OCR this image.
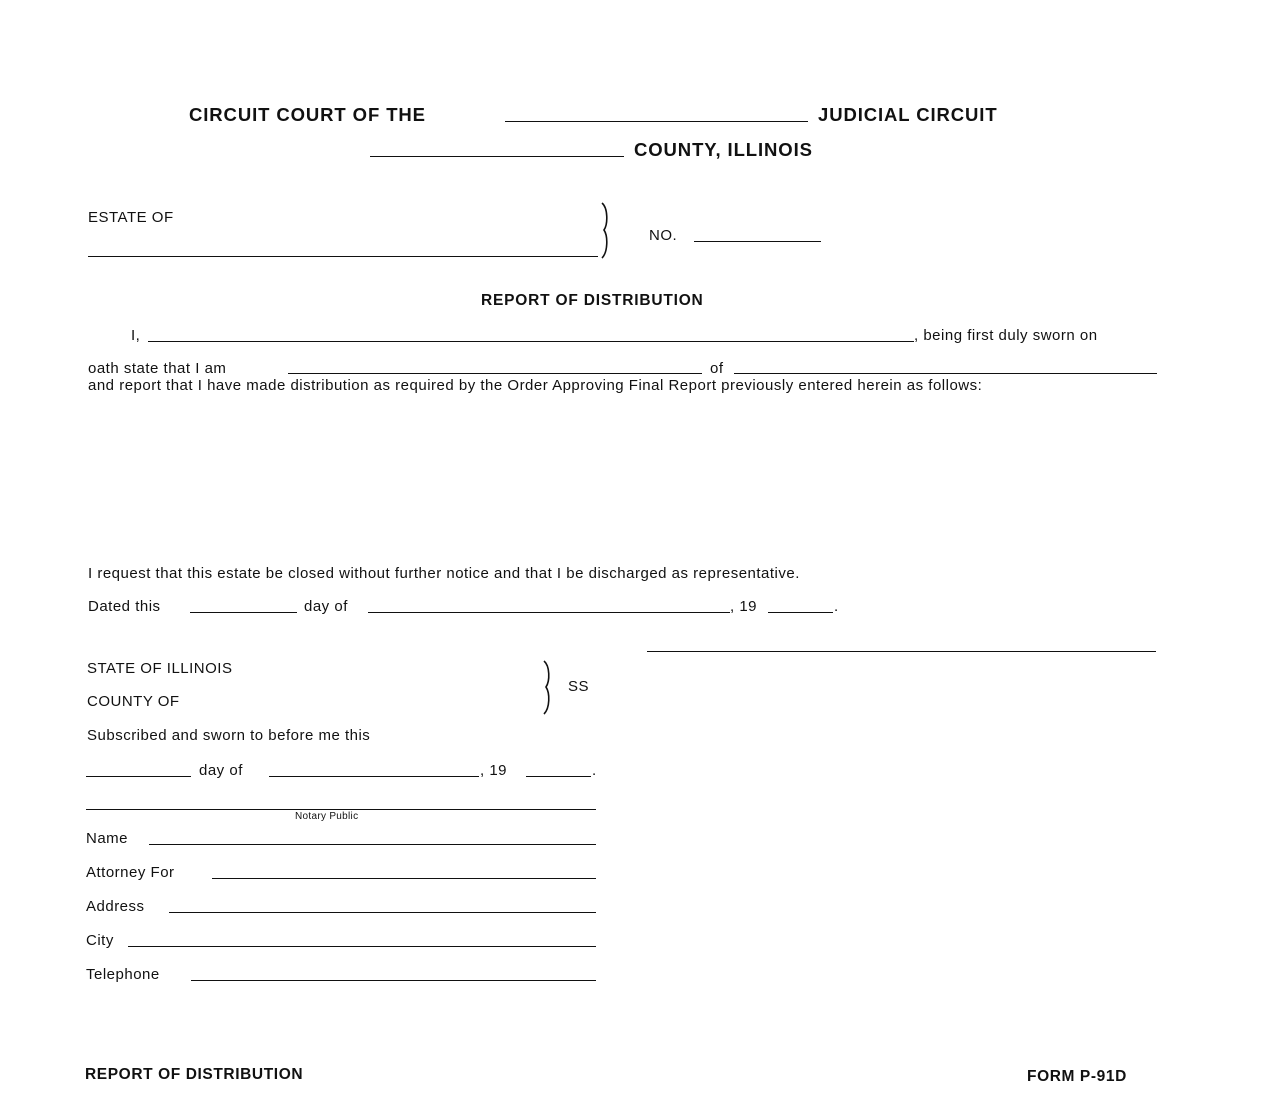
CIRCUIT COURT OF THE	JUDICIAL CIRCUIT
COUNTY, ILLINOIS
ESTATE OF
NO.
REPORT OF DISTRIBUTION
I,	, being first duly sworn on
oath state that I am	of
and report that I have made distribution as required by the Order Approving Final Report previously entered herein as follows:
I request that this estate be closed without further notice and that I be discharged as representative.
Dated this	day of	, 19	.
STATE OF ILLINOIS
COUNTY OF
SS
Subscribed and sworn to before me this
day of	, 19	.
Notary Public
Name
Attorney For
Address
City
Telephone
REPORT OF DISTRIBUTION	FORM P-91D
